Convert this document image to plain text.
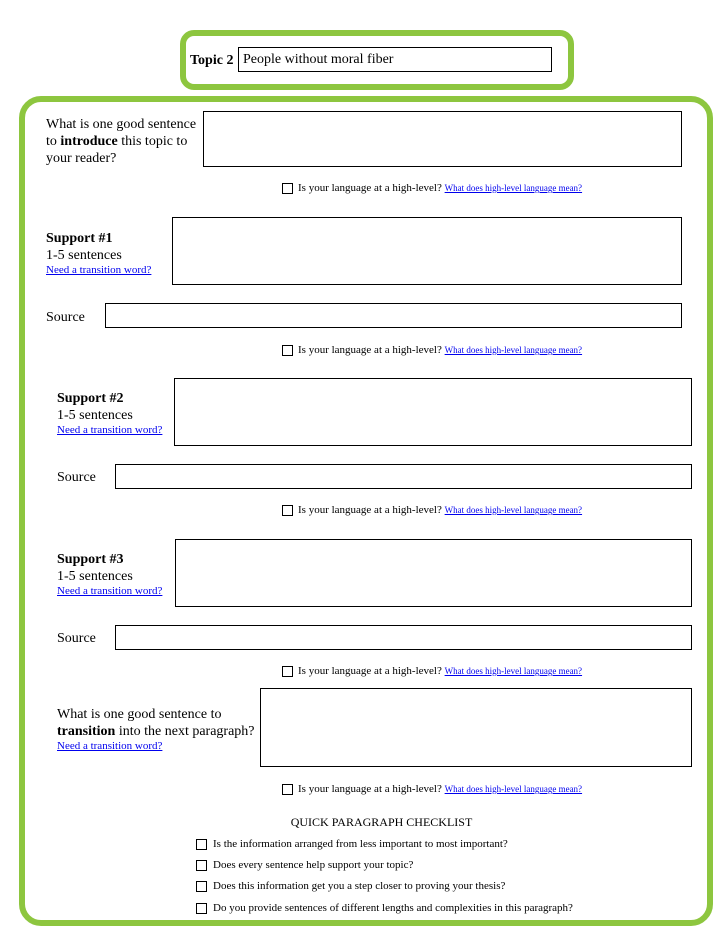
Topic 2 People without moral fiber
What is one good sentence to introduce this topic to your reader?
Is your language at a high-level?
What does high-level language mean?
Support #1
1-5 sentences
Need a transition word?
Source
Is your language at a high-level?
What does high-level language mean?
Support #2
1-5 sentences
Need a transition word?
Source
Is your language at a high-level?
What does high-level language mean?
Support #3
1-5 sentences
Need a transition word?
Source
Is your language at a high-level?
What does high-level language mean?
What is one good sentence to transition into the next paragraph?
Need a transition word?
Is your language at a high-level?
What does high-level language mean?
QUICK PARAGRAPH CHECKLIST
Is the information arranged from less important to most important?
Does every sentence help support your topic?
Does this information get you a step closer to proving your thesis?
Do you provide sentences of different lengths and complexities in this paragraph?
